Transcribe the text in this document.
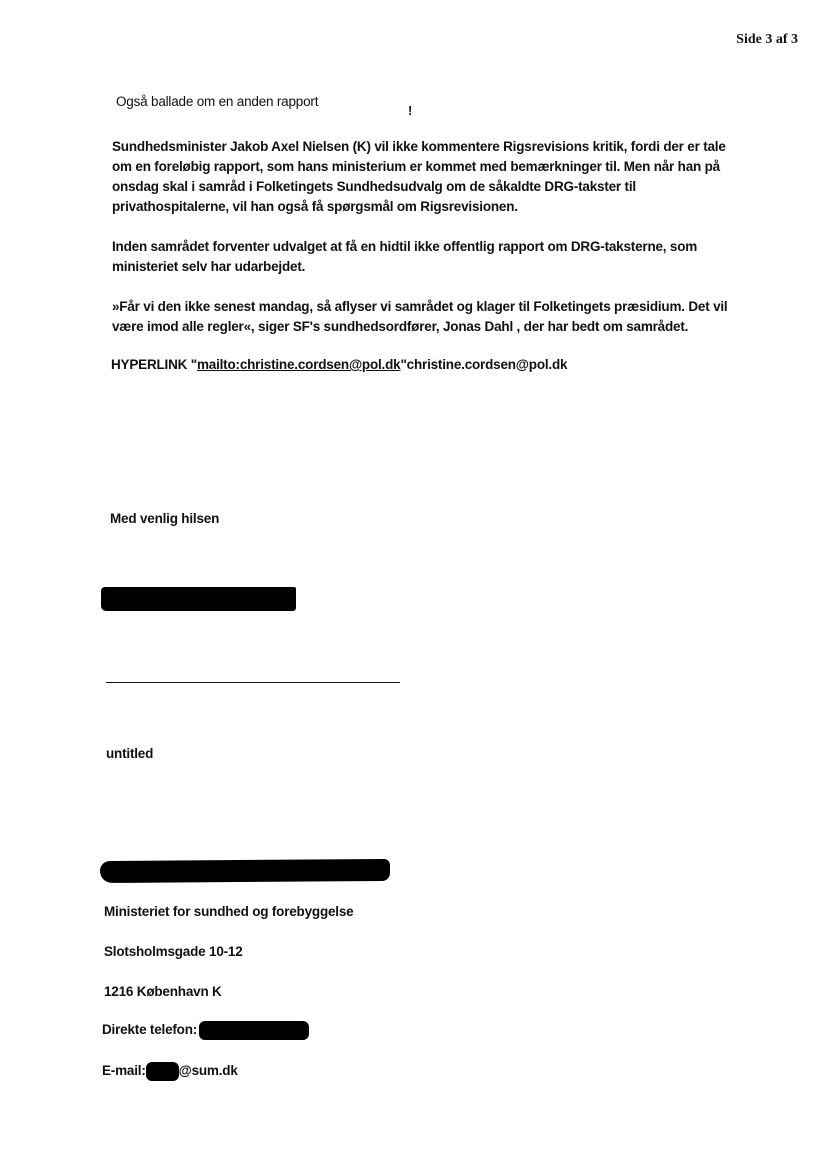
Side 3 af 3
Også ballade om en anden rapport
!
Sundhedsminister Jakob Axel Nielsen (K) vil ikke kommentere Rigsrevisions kritik, fordi der er tale
om en foreløbig rapport, som hans ministerium er kommet med bemærkninger til. Men når han på
onsdag skal i samråd i Folketingets Sundhedsudvalg om de såkaldte DRG-takster til
privathospitalerne, vil han også få spørgsmål om Rigsrevisionen.
Inden samrådet forventer udvalget at få en hidtil ikke offentlig rapport om DRG-taksterne, som
ministeriet selv har udarbejdet.
»Får vi den ikke senest mandag, så aflyser vi samrådet og klager til Folketingets præsidium. Det vil
være imod alle regler«, siger SF's sundhedsordfører, Jonas Dahl , der har bedt om samrådet.
HYPERLINK "mailto:christine.cordsen@pol.dk"christine.cordsen@pol.dk
Med venlig hilsen
untitled
Ministeriet for sundhed og forebyggelse
Slotsholmsgade 10-12
1216 København K
Direkte telefon:
E-mail: @sum.dk
